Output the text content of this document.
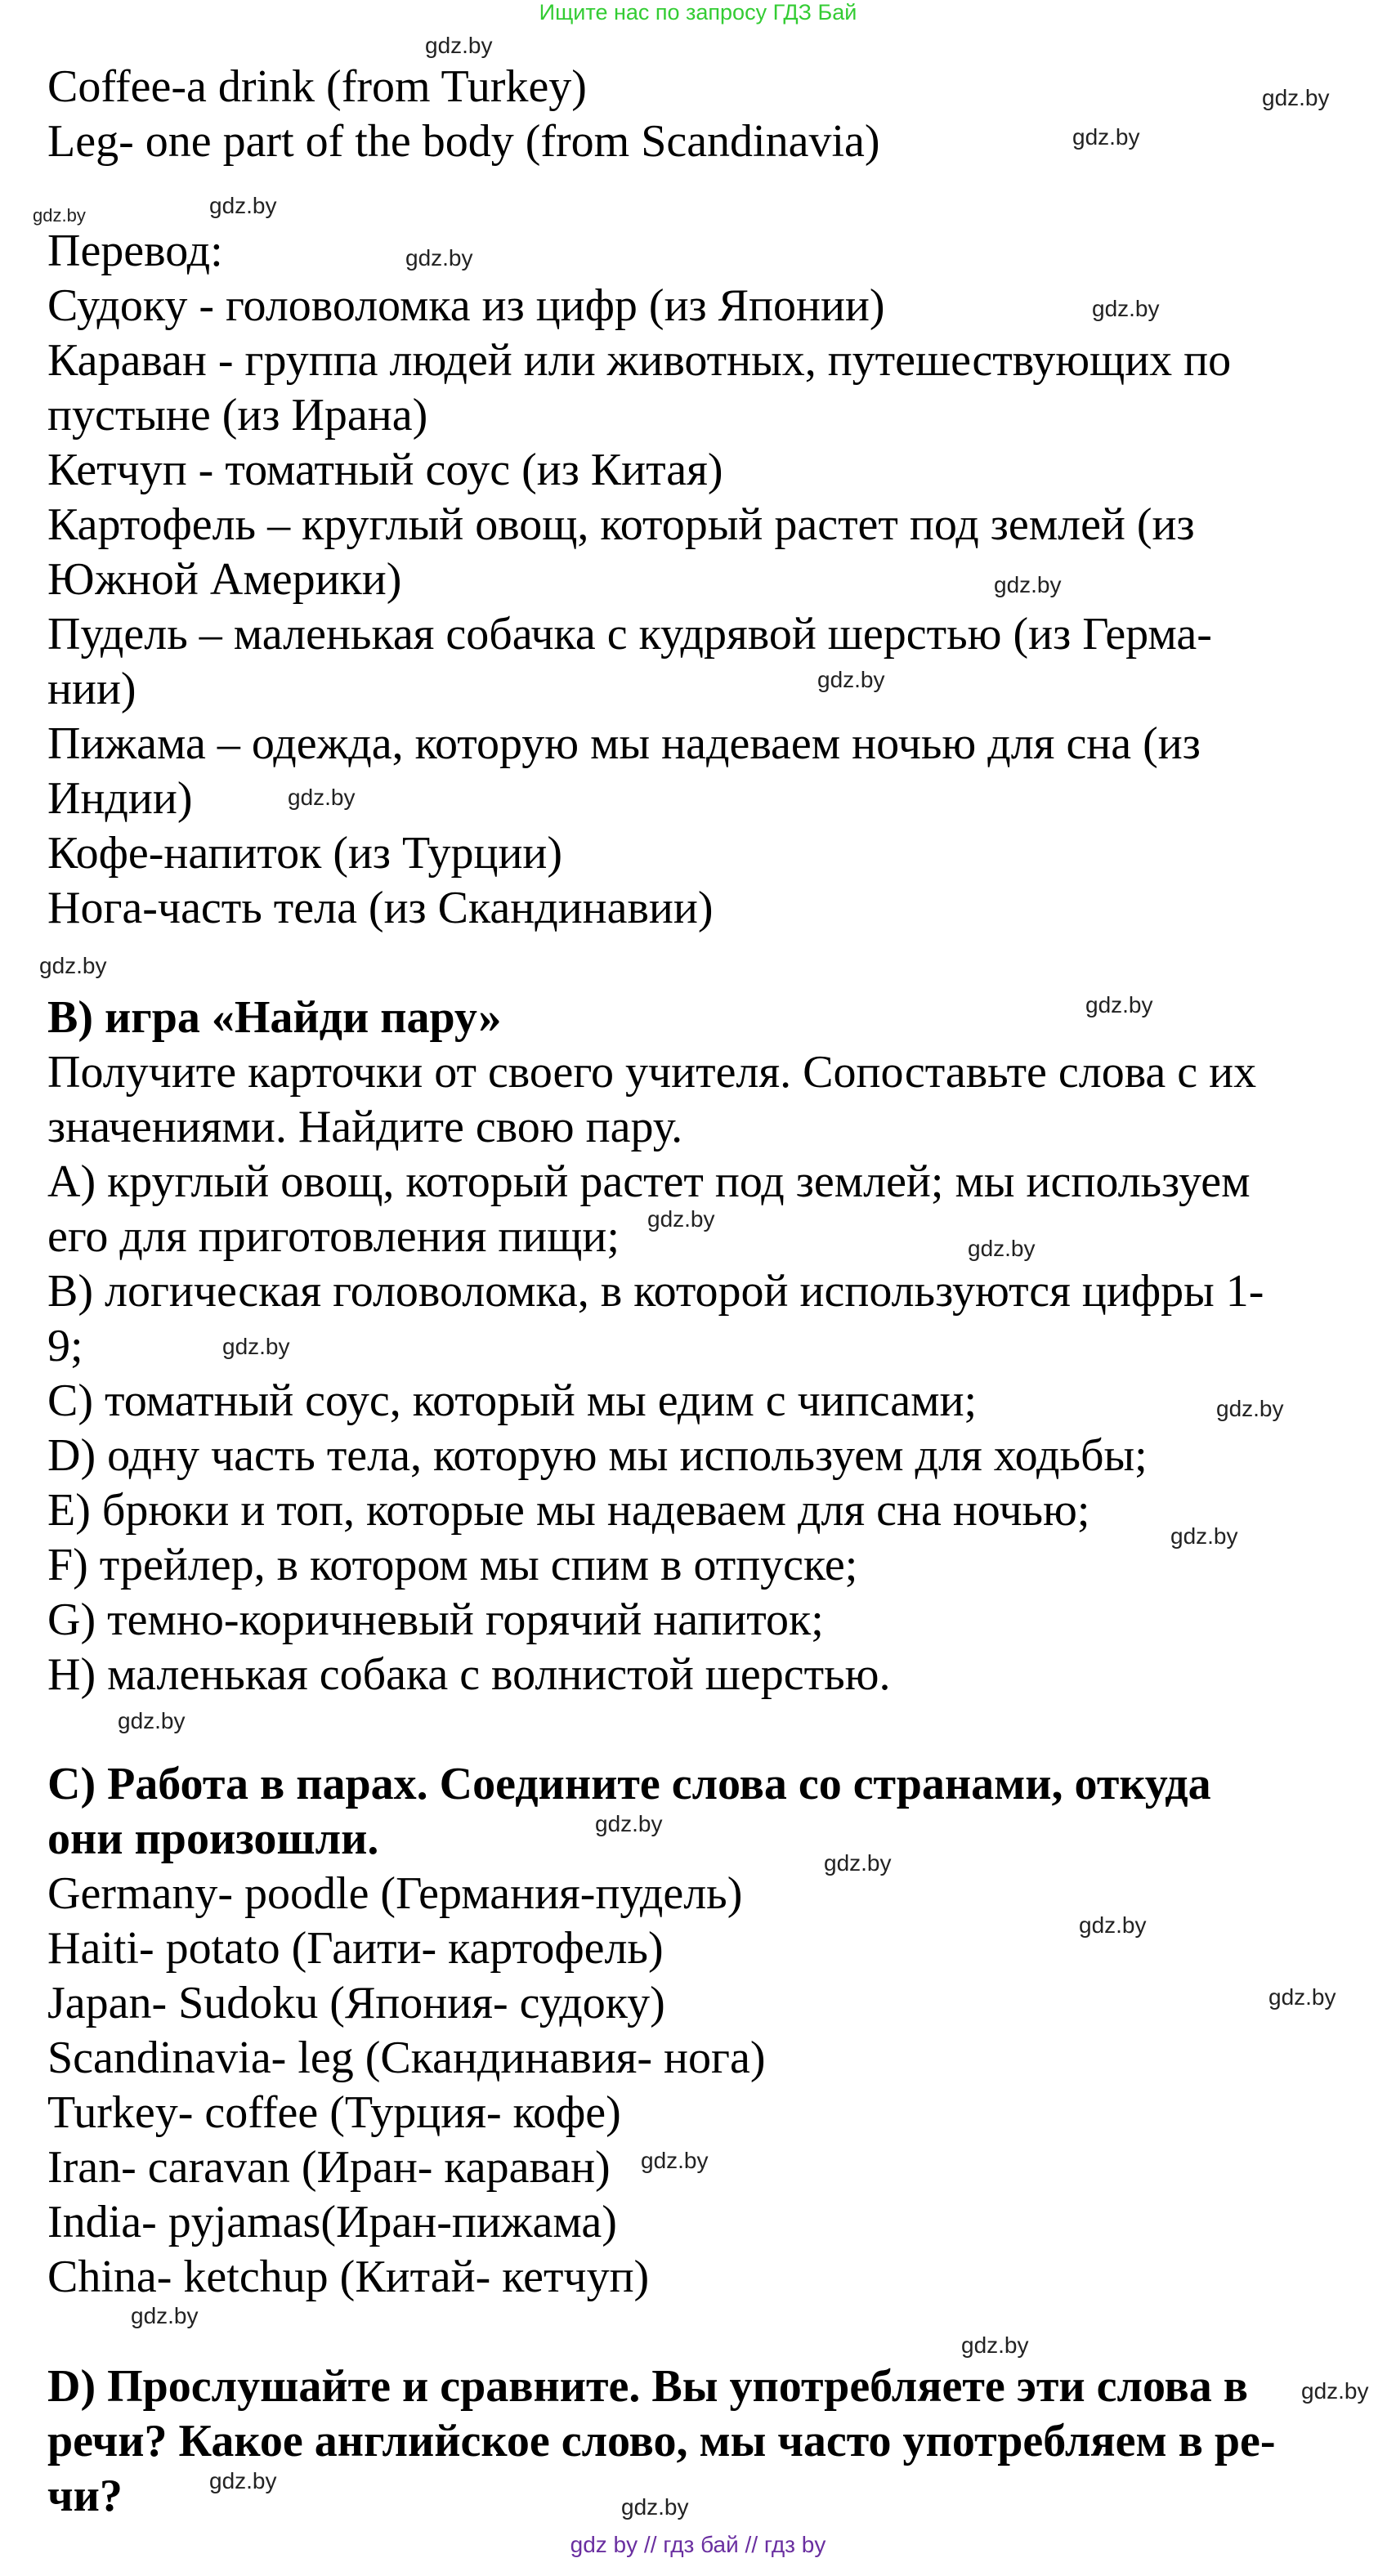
Ищите нас по запросу ГДЗ Бай
Coffee-a drink (from Turkey)
Leg- one part of the body (from Scandinavia)
Перевод:
Судоку - головоломка из цифр (из Японии)
Караван - группа людей или животных, путешествующих по
пустыне (из Ирана)
Кетчуп - томатный соус (из Китая)
Картофель – круглый овощ, который растет под землей (из
Южной Америки)
Пудель – маленькая собачка с кудрявой шерстью (из Герма-
нии)
Пижама – одежда, которую мы надеваем ночью для сна (из
Индии)
Кофе-напиток (из Турции)
Нога-часть тела (из Скандинавии)
B) игра «Найди пару»
Получите карточки от своего учителя. Сопоставьте слова с их
значениями. Найдите свою пару.
A) круглый овощ, который растет под землей; мы используем
его для приготовления пищи;
B) логическая головоломка, в которой используются цифры 1-
9;
C) томатный соус, который мы едим с чипсами;
D) одну часть тела, которую мы используем для ходьбы;
E) брюки и топ, которые мы надеваем для сна ночью;
F) трейлер, в котором мы спим в отпуске;
G) темно-коричневый горячий напиток;
H) маленькая собака с волнистой шерстью.
C) Работа в парах. Соедините слова со странами, откуда
они произошли.
Germany- poodle (Германия-пудель)
Haiti- potato (Гаити- картофель)
Japan- Sudoku (Япония- судоку)
Scandinavia- leg (Скандинавия- нога)
Turkey- coffee (Турция- кофе)
Iran- caravan (Иран- караван)
India- pyjamas(Иран-пижама)
China- ketchup (Китай- кетчуп)
D) Прослушайте и сравните. Вы употребляете эти слова в
речи? Какое английское слово, мы часто употребляем в ре-
чи?
gdz.by
gdz.by
gdz.by
gdz.by
gdz.by
gdz.by
gdz.by
gdz.by
gdz.by
gdz.by
gdz.by
gdz.by
gdz.by
gdz.by
gdz.by
gdz.by
gdz.by
gdz.by
gdz.by
gdz.by
gdz.by
gdz.by
gdz.by
gdz.by
gdz.by
gdz.by
gdz.by
gdz.by
gdz by // гдз бай // гдз by
